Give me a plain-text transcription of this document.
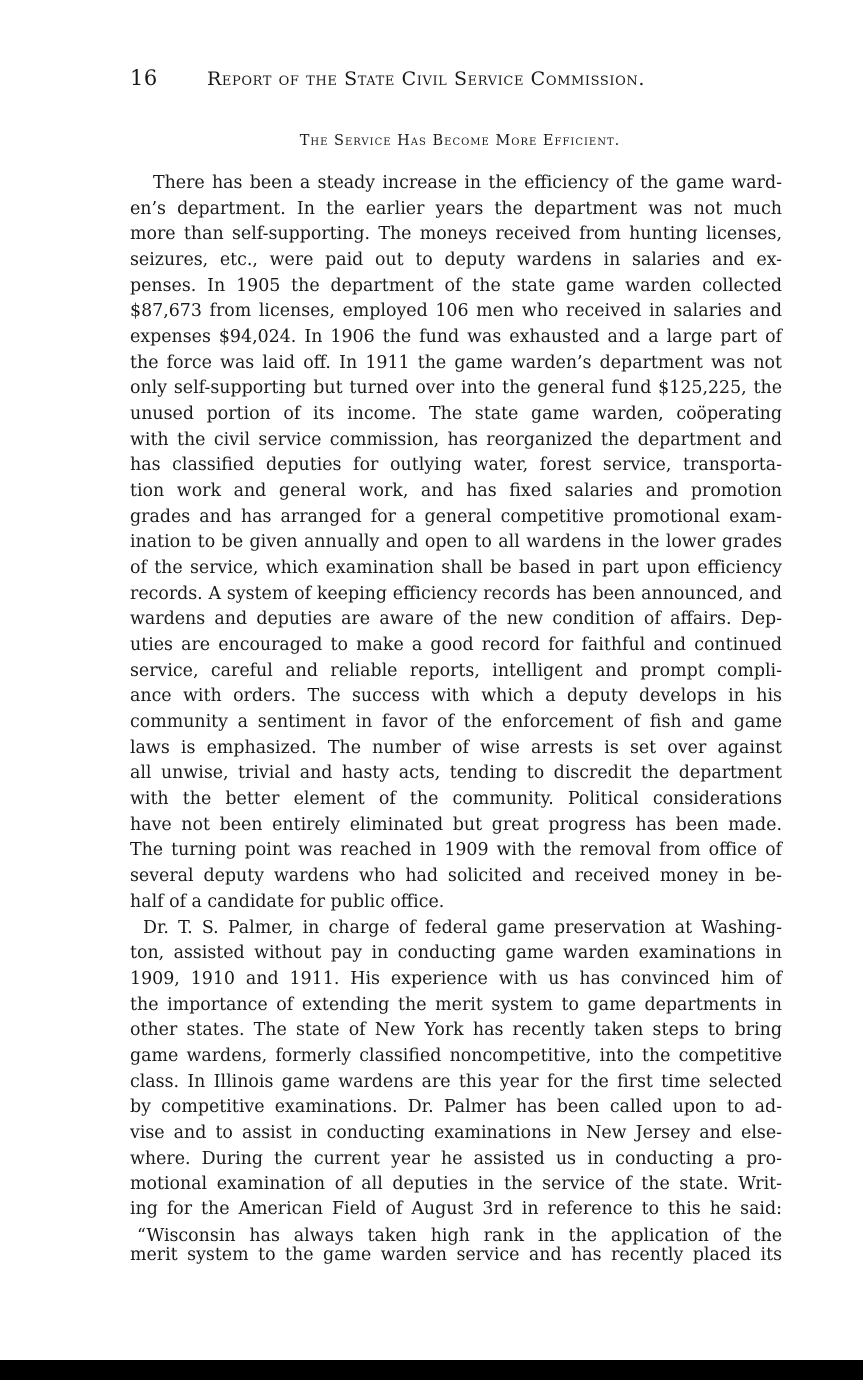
16	Report of the State Civil Service Commission.
The Service Has Become More Efficient.
There has been a steady increase in the efficiency of the game ward-
en’s department. In the earlier years the department was not much
more than self-supporting. The moneys received from hunting licenses,
seizures, etc., were paid out to deputy wardens in salaries and ex-
penses. In 1905 the department of the state game warden collected
$87,673 from licenses, employed 106 men who received in salaries and
expenses $94,024. In 1906 the fund was exhausted and a large part of
the force was laid off. In 1911 the game warden’s department was not
only self-supporting but turned over into the general fund $125,225, the
unused portion of its income. The state game warden, coöperating
with the civil service commission, has reorganized the department and
has classified deputies for outlying water, forest service, transporta-
tion work and general work, and has fixed salaries and promotion
grades and has arranged for a general competitive promotional exam-
ination to be given annually and open to all wardens in the lower grades
of the service, which examination shall be based in part upon efficiency
records. A system of keeping efficiency records has been announced, and
wardens and deputies are aware of the new condition of affairs. Dep-
uties are encouraged to make a good record for faithful and continued
service, careful and reliable reports, intelligent and prompt compli-
ance with orders. The success with which a deputy develops in his
community a sentiment in favor of the enforcement of fish and game
laws is emphasized. The number of wise arrests is set over against
all unwise, trivial and hasty acts, tending to discredit the department
with the better element of the community. Political considerations
have not been entirely eliminated but great progress has been made.
The turning point was reached in 1909 with the removal from office of
several deputy wardens who had solicited and received money in be-
half of a candidate for public office.
Dr. T. S. Palmer, in charge of federal game preservation at Washing-
ton, assisted without pay in conducting game warden examinations in
1909, 1910 and 1911. His experience with us has convinced him of
the importance of extending the merit system to game departments in
other states. The state of New York has recently taken steps to bring
game wardens, formerly classified noncompetitive, into the competitive
class. In Illinois game wardens are this year for the first time selected
by competitive examinations. Dr. Palmer has been called upon to ad-
vise and to assist in conducting examinations in New Jersey and else-
where. During the current year he assisted us in conducting a pro-
motional examination of all deputies in the service of the state. Writ-
ing for the American Field of August 3rd in reference to this he said:
“Wisconsin has always taken high rank in the application of the
merit system to the game warden service and has recently placed its
